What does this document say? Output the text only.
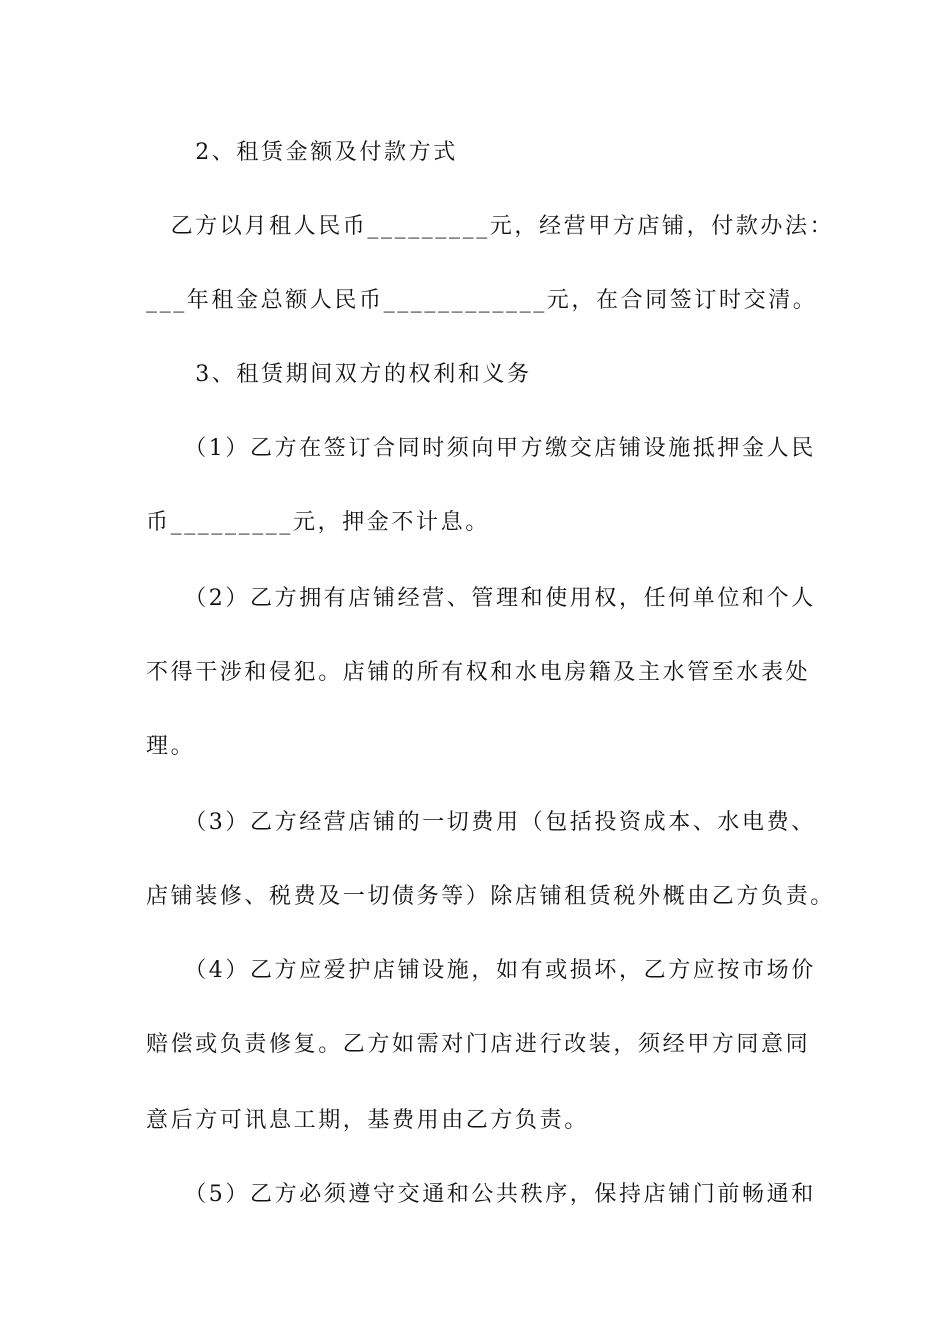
　　2、租赁金额及付款方式
　乙方以月租人民币_________元，经营甲方店铺，付款办法：
___年租金总额人民币____________元，在合同签订时交清。
　　3、租赁期间双方的权利和义务
　　（1）乙方在签订合同时须向甲方缴交店铺设施抵押金人民
币_________元，押金不计息。
　　（2）乙方拥有店铺经营、管理和使用权，任何单位和个人
不得干涉和侵犯。店铺的所有权和水电房籍及主水管至水表处
理。
　　（3）乙方经营店铺的一切费用（包括投资成本、水电费、
店铺装修、税费及一切债务等）除店铺租赁税外概由乙方负责。
　　（4）乙方应爱护店铺设施，如有或损坏，乙方应按市场价
赔偿或负责修复。乙方如需对门店进行改装，须经甲方同意同
意后方可讯息工期，基费用由乙方负责。
　　（5）乙方必须遵守交通和公共秩序，保持店铺门前畅通和
